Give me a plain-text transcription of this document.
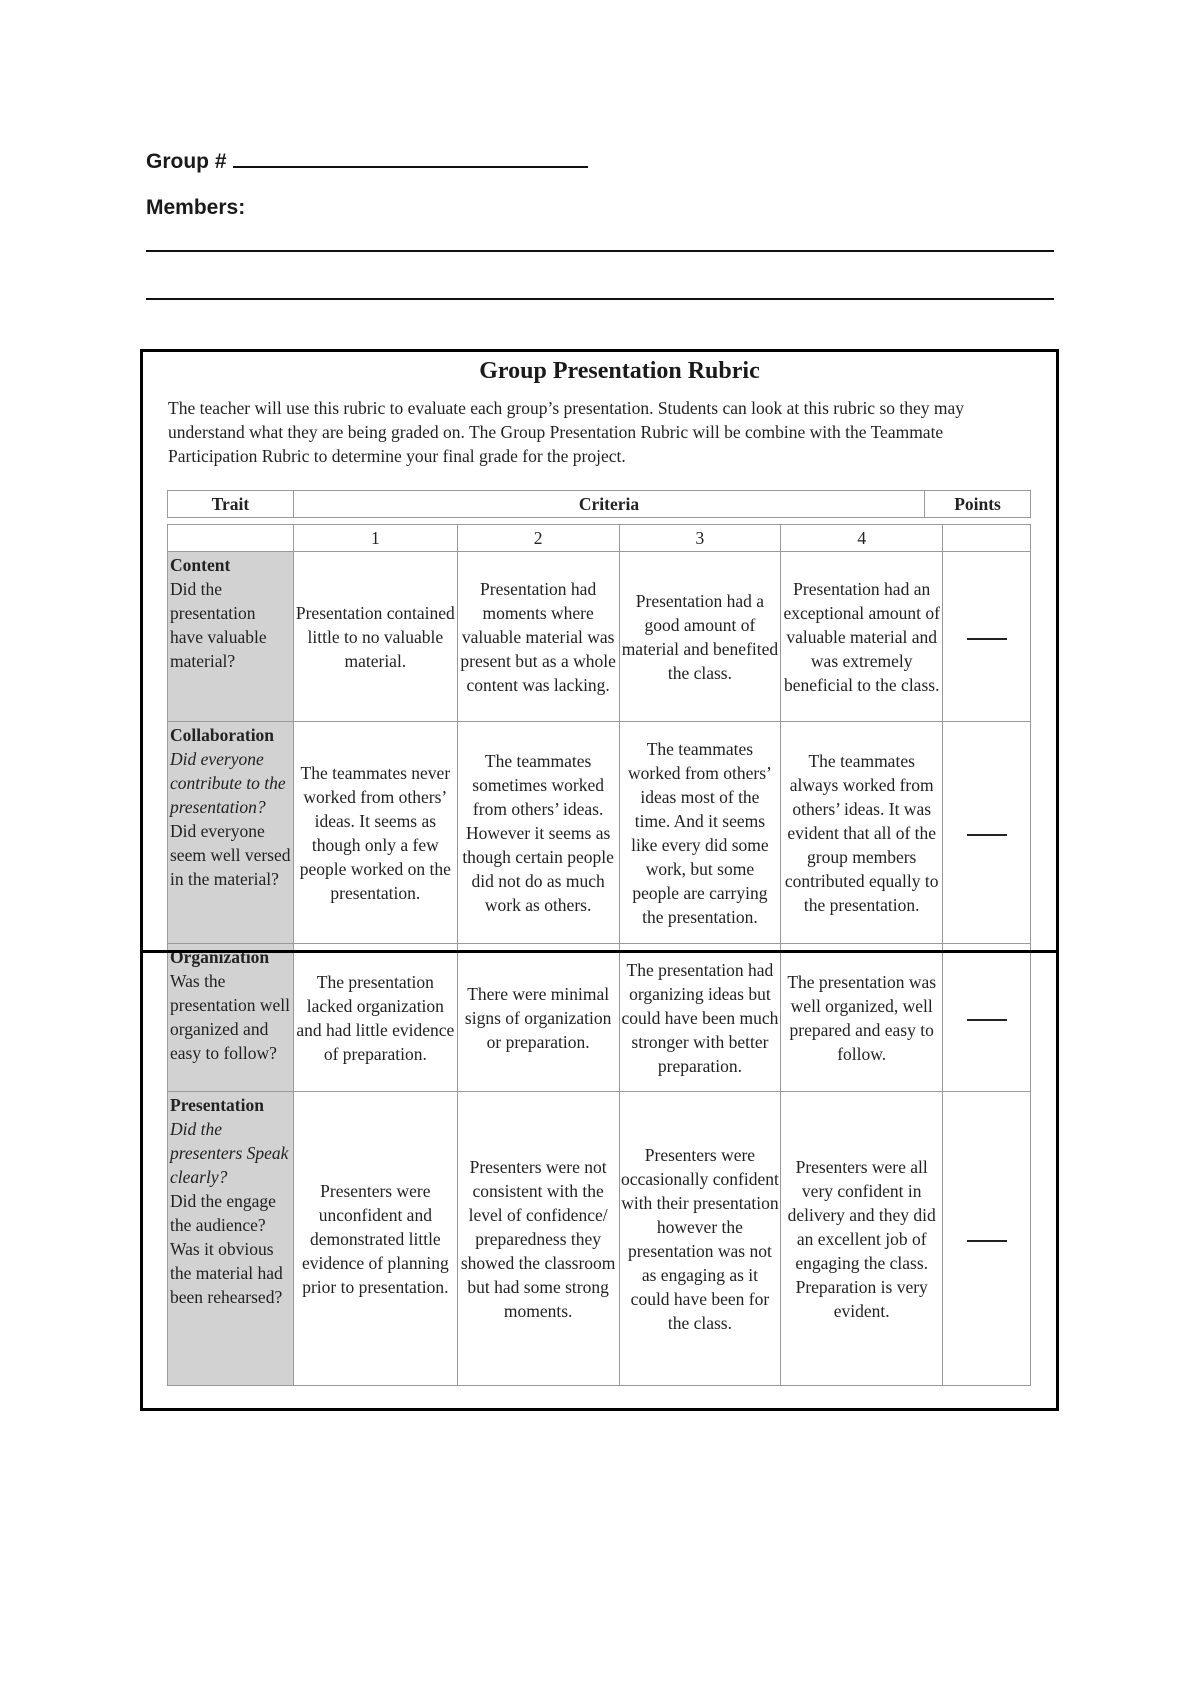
Group #
Members:
Group Presentation Rubric
The teacher will use this rubric to evaluate each group’s presentation. Students can look at this rubric so they may understand what they are being graded on. The Group Presentation Rubric will be combine with the Teammate Participation Rubric to determine your final grade for the project.
Trait	Criteria	Points
	1	2	3	4	

Content
Did the presentation have valuable material?	Presentation contained little to no valuable material.	Presentation had moments where valuable material was present but as a whole content was lacking.	Presentation had a good amount of material and benefited the class.	Presentation had an exceptional amount of valuable material and was extremely beneficial to the class.	

Collaboration
Did everyone contribute to the presentation?
Did everyone seem well versed in the material?	The teammates never worked from others’ ideas. It seems as though only a few people worked on the presentation.	The teammates sometimes worked from others’ ideas. However it seems as though certain people did not do as much work as others.	The teammates worked from others’ ideas most of the time. And it seems like every did some work, but some people are carrying the presentation.	The teammates always worked from others’ ideas. It was evident that all of the group members contributed equally to the presentation.	

Organization
Was the presentation well organized and easy to follow?	The presentation lacked organization and had little evidence of preparation.	There were minimal signs of organization or preparation.	The presentation had organizing ideas but could have been much stronger with better preparation.	The presentation was well organized, well prepared and easy to follow.	

Presentation
Did the presenters Speak clearly?
Did the engage the audience? Was it obvious the material had been rehearsed?	Presenters were unconfident and demonstrated little evidence of planning prior to presentation.	Presenters were not consistent with the level of confidence/ preparedness they showed the classroom but had some strong moments.	Presenters were occasionally confident with their presentation however the presentation was not as engaging as it could have been for the class.	Presenters were all very confident in delivery and they did an excellent job of engaging the class. Preparation is very evident.	
